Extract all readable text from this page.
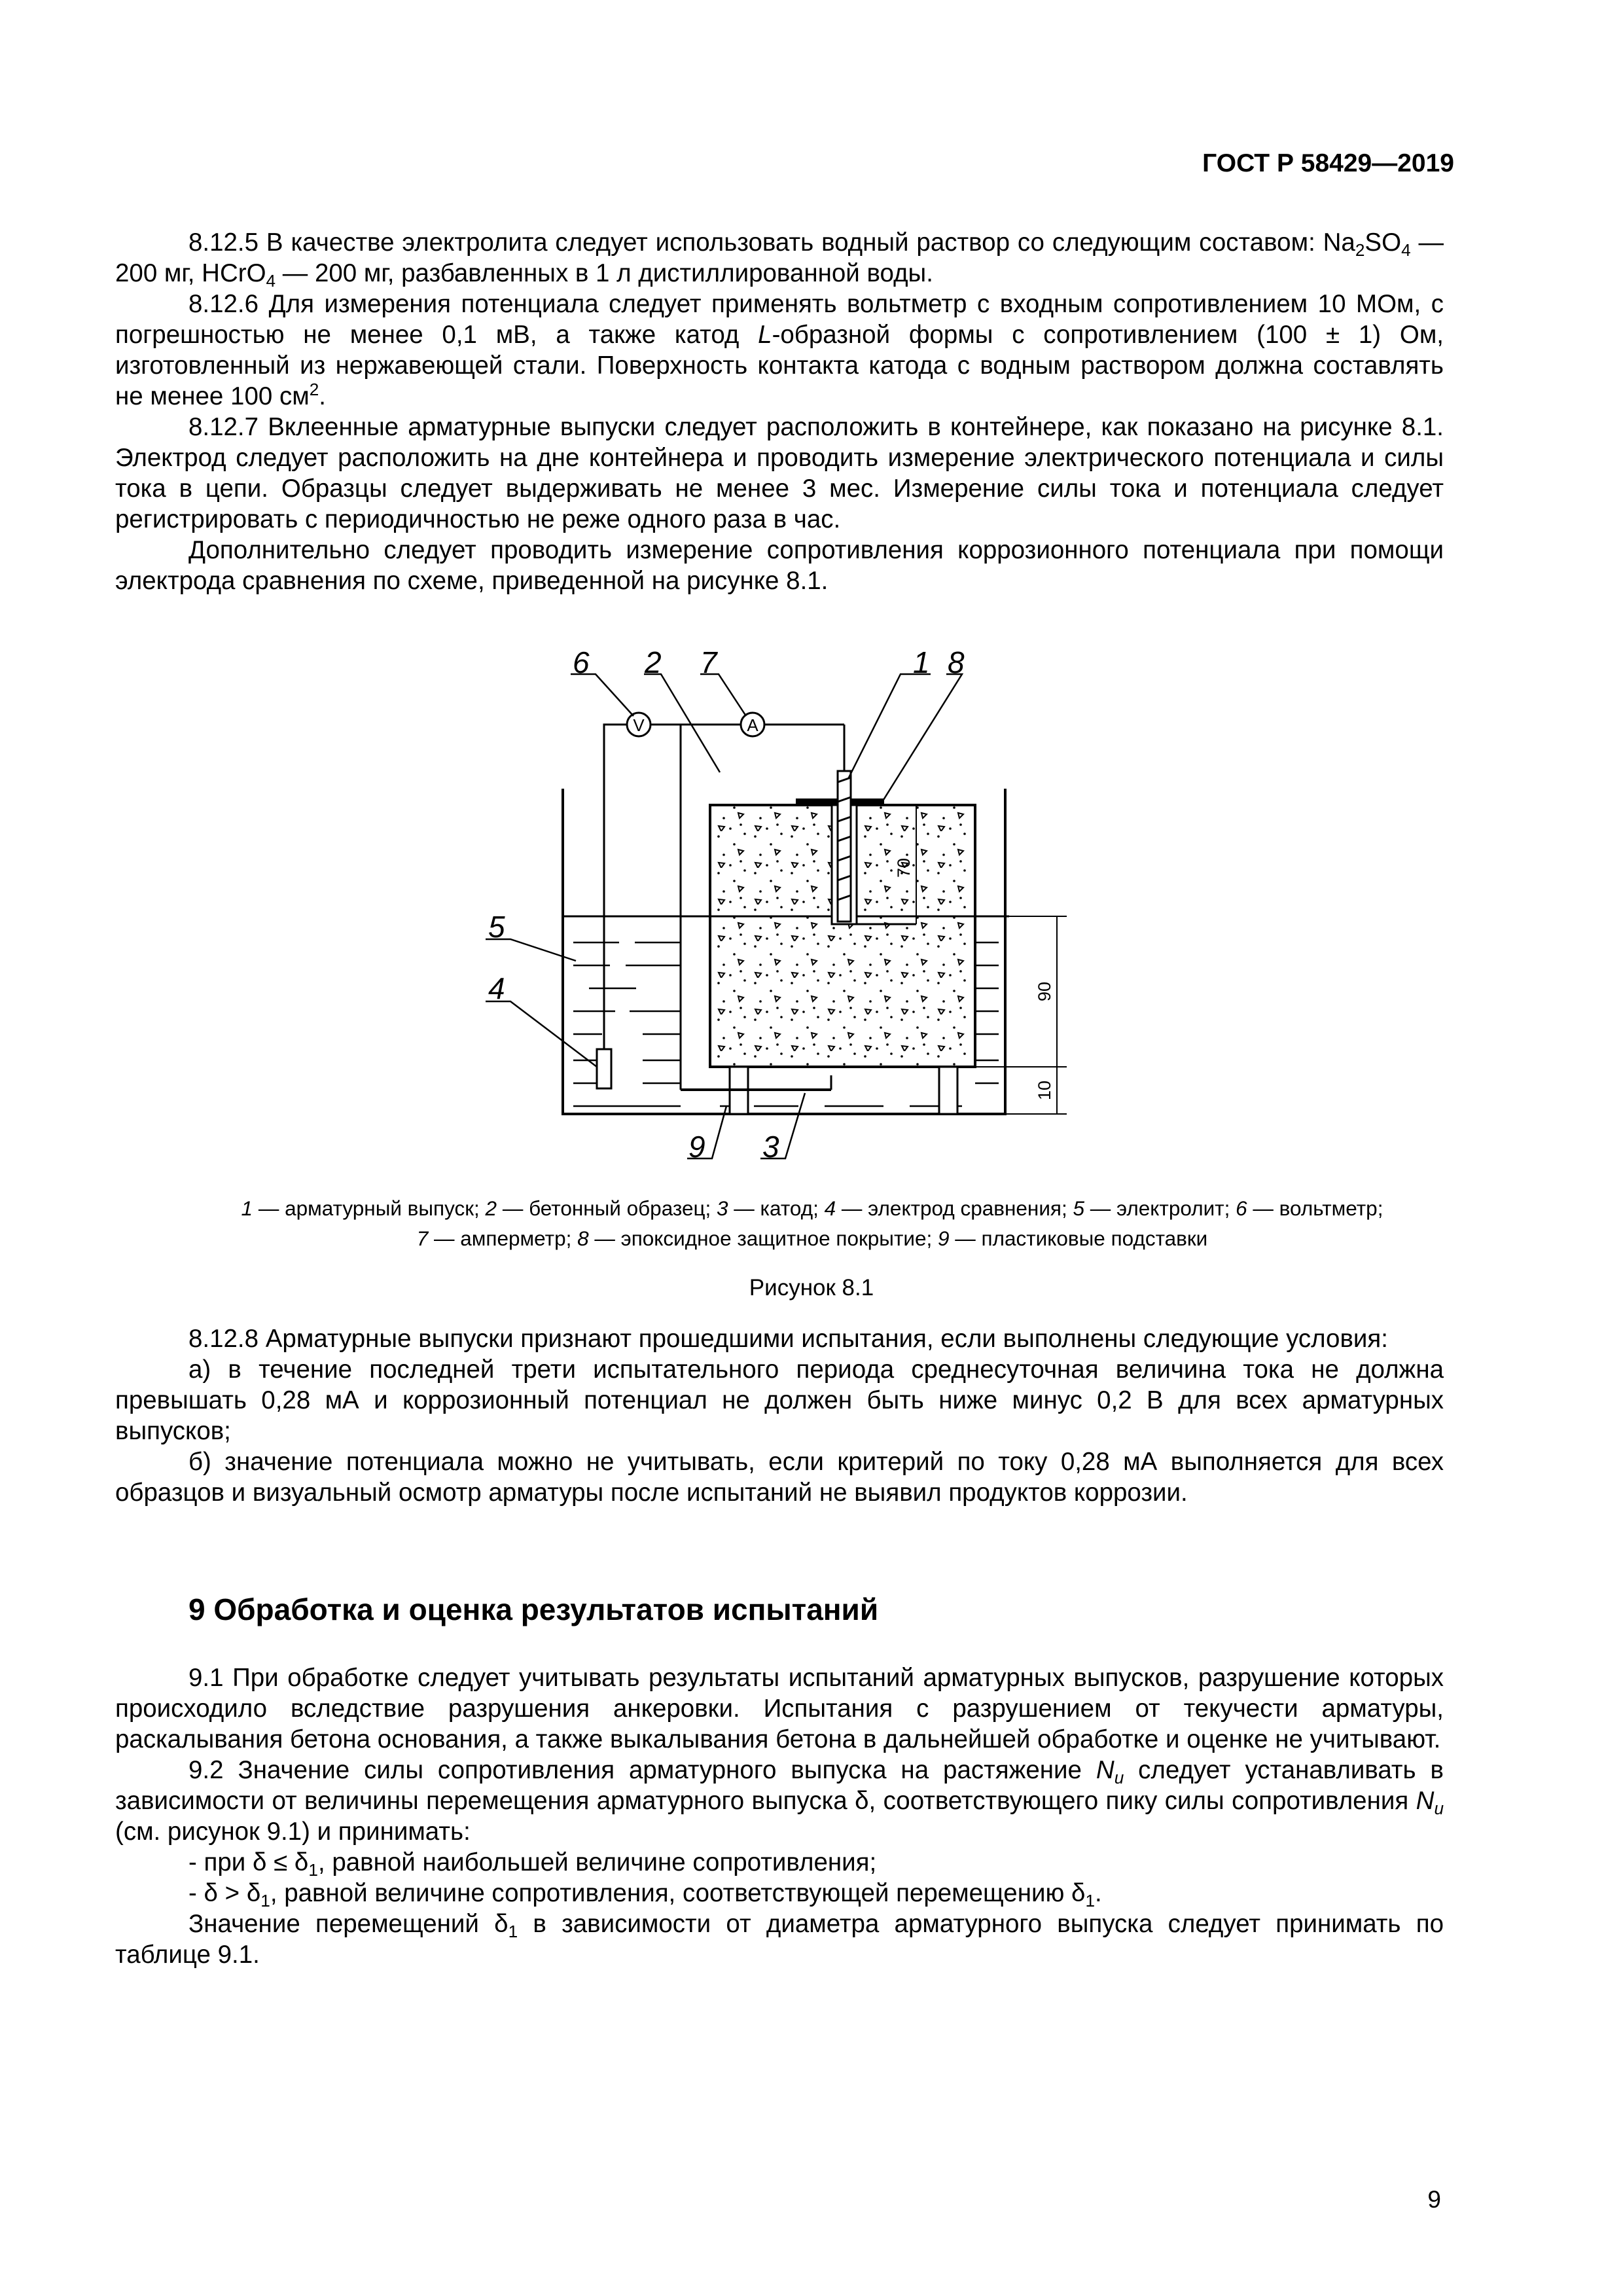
ГОСТ Р 58429—2019

8.12.5 В качестве электролита следует использовать водный раствор со следующим составом: $Na_2SO_4$ — 200 мг, HCrO$_4$ — 200 мг, разбавленных в 1 л дистиллированной воды.

8.12.6 Для измерения потенциала следует применять вольтметр с входным сопротивлением 10 МОм, с погрешностью не менее 0,1 мВ, а также катод L-образной формы с сопротивлением (100 ± 1) Ом, изготовленный из нержавеющей стали. Поверхность контакта катода с водным раствором должна составлять не менее 100 $см^2$.

8.12.7 Вклеенные арматурные выпуски следует расположить в контейнере, как показано на рисунке 8.1. Электрод следует расположить на дне контейнера и проводить измерение электрического потенциала и силы тока в цепи. Образцы следует выдерживать не менее 3 мес. Измерение силы тока и потенциала следует регистрировать с периодичностью не реже одного раза в час.

Дополнительно следует проводить измерение сопротивления коррозионного потенциала при помощи электрода сравнения по схеме, приведенной на рисунке 8.1.

V	A
70
90
10
6 2 7	1 8
5
4
9 3
1 — арматурный выпуск; 2 — бетонный образец; 3 — катод; 4 — электрод сравнения; 5 — электролит; 6 — вольтметр;
7 — амперметр; 8 — эпоксидное защитное покрытие; 9 — пластиковые подставки
Рисунок 8.1

8.12.8 Арматурные выпуски признают прошедшими испытания, если выполнены следующие условия:

а) в течение последней трети испытательного периода среднесуточная величина тока не должна превышать 0,28 мА и коррозионный потенциал не должен быть ниже минус 0,2 В для всех арматурных выпусков;

б) значение потенциала можно не учитывать, если критерий по току 0,28 мА выполняется для всех образцов и визуальный осмотр арматуры после испытаний не выявил продуктов коррозии.

9 Обработка и оценка результатов испытаний

9.1 При обработке следует учитывать результаты испытаний арматурных выпусков, разрушение которых происходило вследствие разрушения анкеровки. Испытания с разрушением от текучести арматуры, раскалывания бетона основания, а также выкалывания бетона в дальнейшей обработке и оценке не учитывают.

9.2 Значение силы сопротивления арматурного выпуска на растяжение $N_u$ следует устанавливать в зависимости от величины перемещения арматурного выпуска δ, соответствующего пику силы сопротивления $N_u$ (см. рисунок 9.1) и принимать:

- при $\delta \le \delta_1$, равной наибольшей величине сопротивления;

- $\delta > \delta_1$, равной величине сопротивления, соответствующей перемещению $\delta_1$.

Значение перемещений $\delta_1$ в зависимости от диаметра арматурного выпуска следует принимать по таблице 9.1.

9
